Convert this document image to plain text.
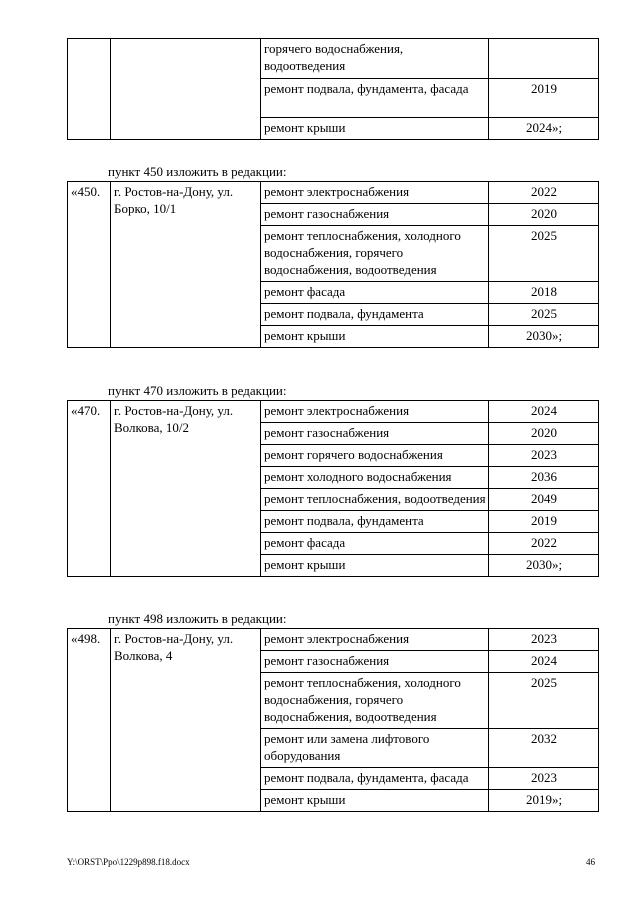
		горячего водоснабжения, водоотведения	
		ремонт подвала, фундамента, фасада	2019
		ремонт крыши	2024»;
пункт 450 изложить в редакции:
«450.	г. Ростов-на-Дону, ул. Борко, 10/1	ремонт электроснабжения	2022
		ремонт газоснабжения	2020
		ремонт теплоснабжения, холодного водоснабжения, горячего водоснабжения, водоотведения	2025
		ремонт фасада	2018
		ремонт подвала, фундамента	2025
		ремонт крыши	2030»;
пункт 470 изложить в редакции:
«470.	г. Ростов-на-Дону, ул. Волкова, 10/2	ремонт электроснабжения	2024
		ремонт газоснабжения	2020
		ремонт горячего водоснабжения	2023
		ремонт холодного водоснабжения	2036
		ремонт теплоснабжения, водоотведения	2049
		ремонт подвала, фундамента	2019
		ремонт фасада	2022
		ремонт крыши	2030»;
пункт 498 изложить в редакции:
«498.	г. Ростов-на-Дону, ул. Волкова, 4	ремонт электроснабжения	2023
		ремонт газоснабжения	2024
		ремонт теплоснабжения, холодного водоснабжения, горячего водоснабжения, водоотведения	2025
		ремонт или замена лифтового оборудования	2032
		ремонт подвала, фундамента, фасада	2023
		ремонт крыши	2019»;
Y:\ORST\Ppo\1229p898.f18.docx	46
